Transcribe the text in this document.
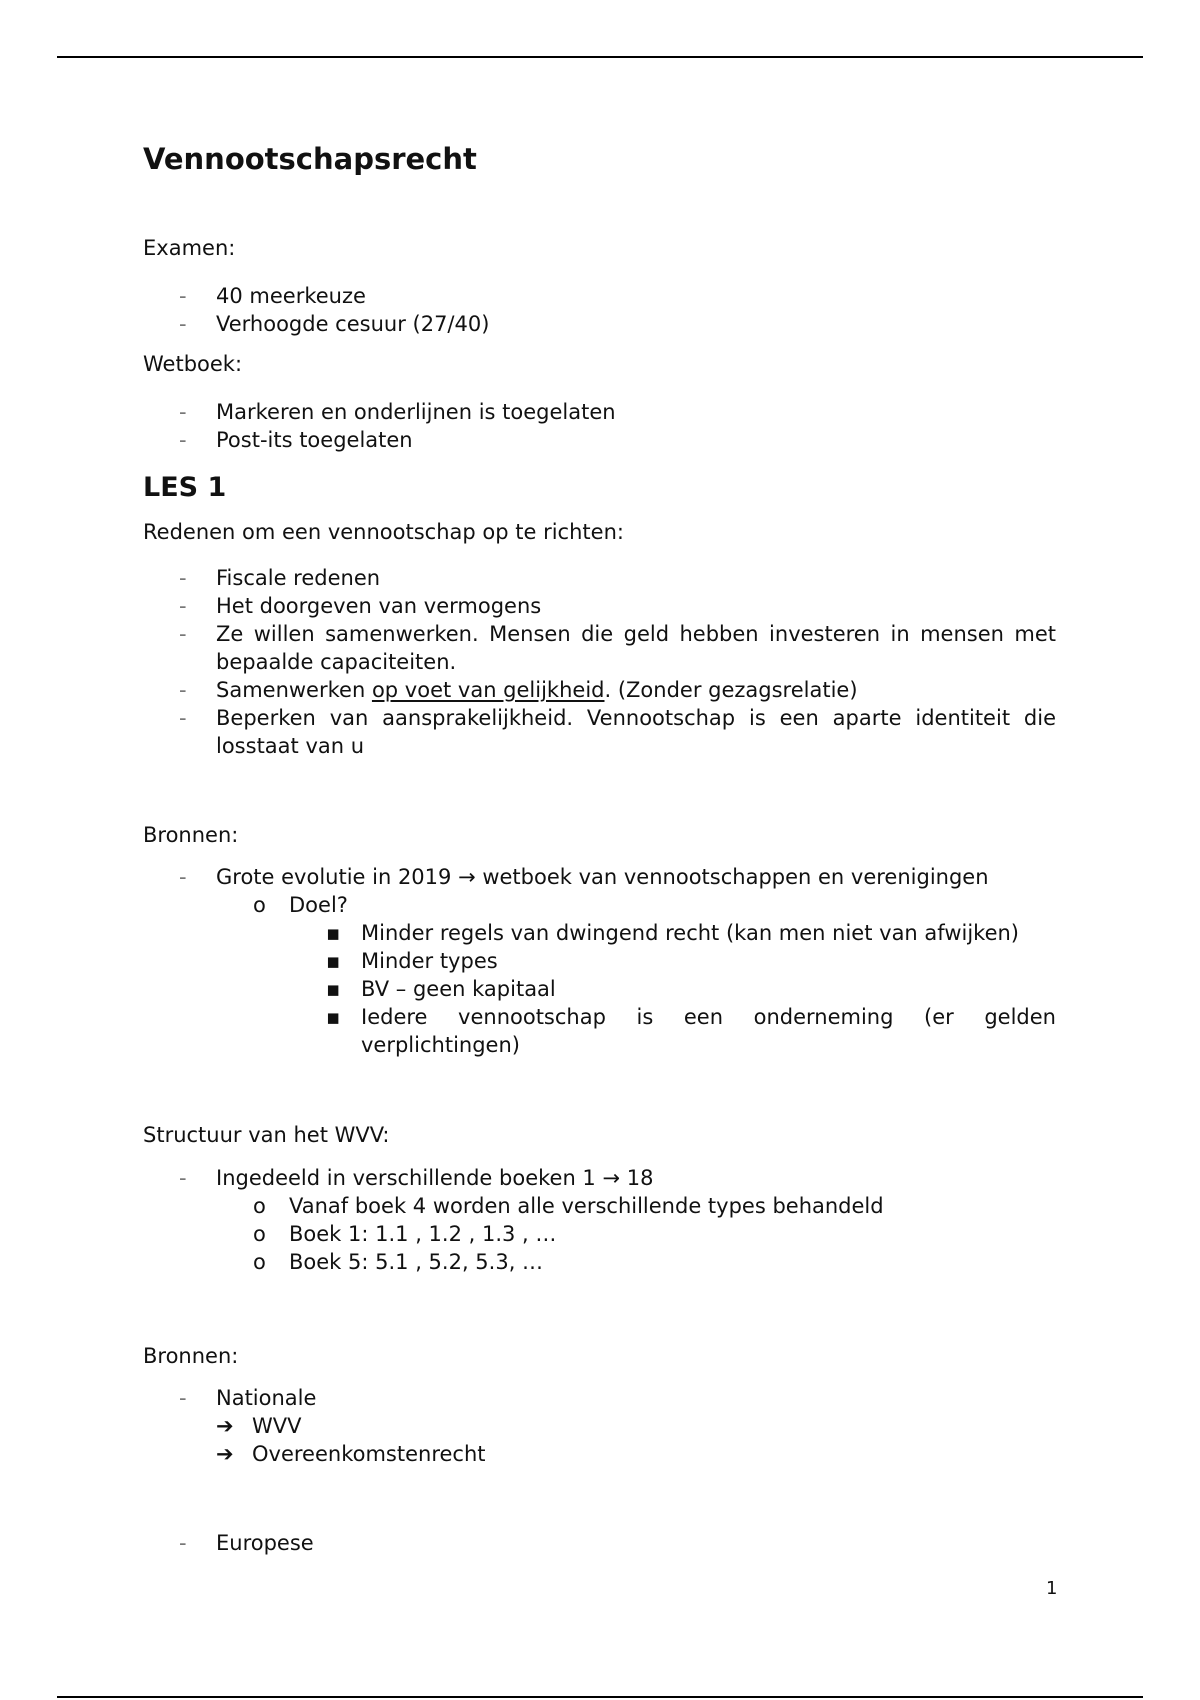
Vennootschapsrecht
Examen:
- 40 meerkeuze
- Verhoogde cesuur (27/40)
Wetboek:
- Markeren en onderlijnen is toegelaten
- Post-its toegelaten
LES 1
Redenen om een vennootschap op te richten:
- Fiscale redenen
- Het doorgeven van vermogens
- Ze willen samenwerken. Mensen die geld hebben investeren in mensen met bepaalde capaciteiten.
- Samenwerken op voet van gelijkheid. (Zonder gezagsrelatie)
- Beperken van aansprakelijkheid. Vennootschap is een aparte identiteit die losstaat van u
Bronnen:
- Grote evolutie in 2019 → wetboek van vennootschappen en verenigingen
o Doel?
▪ Minder regels van dwingend recht (kan men niet van afwijken)
▪ Minder types
▪ BV – geen kapitaal
▪ Iedere vennootschap is een onderneming (er gelden verplichtingen)
Structuur van het WVV:
- Ingedeeld in verschillende boeken 1 → 18
o Vanaf boek 4 worden alle verschillende types behandeld
o Boek 1: 1.1 , 1.2 , 1.3 , …
o Boek 5: 5.1 , 5.2, 5.3, …
Bronnen:
- Nationale
➔ WVV
➔ Overeenkomstenrecht
- Europese
1
